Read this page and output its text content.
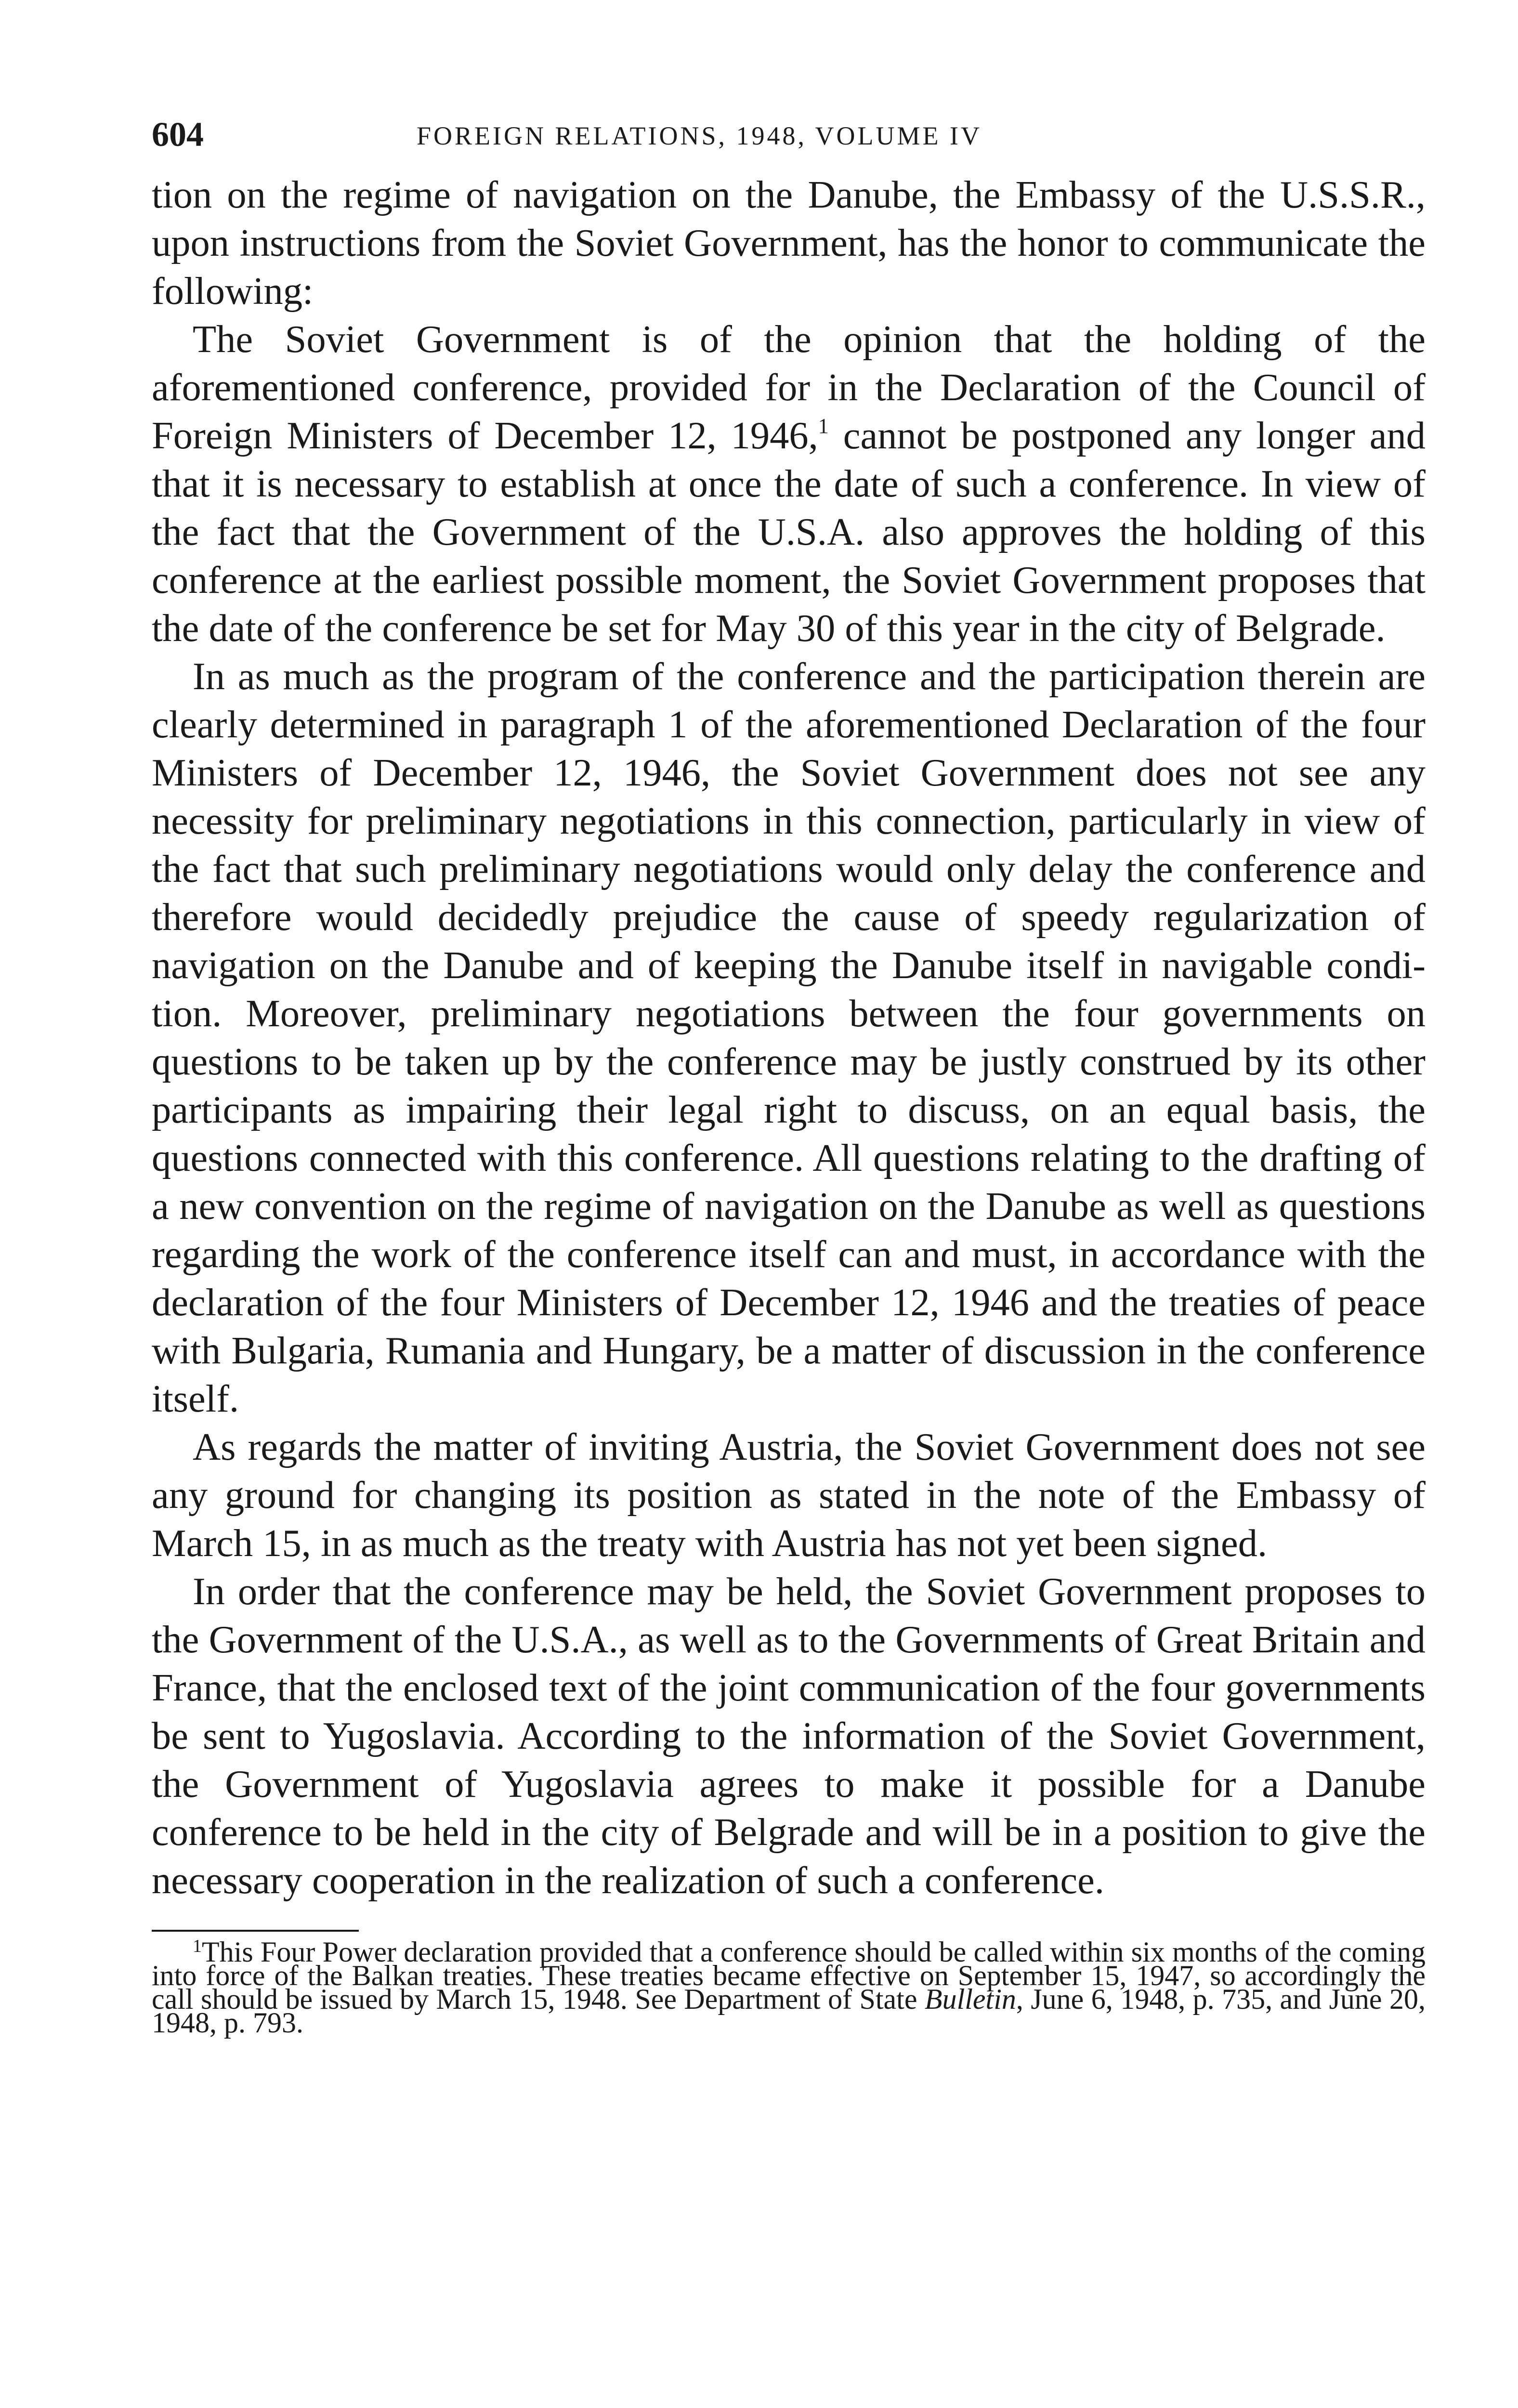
604	FOREIGN RELATIONS, 1948, VOLUME IV

tion on the regime of navigation on the Danube, the Embassy of the U.S.S.R., upon instructions from the Soviet Government, has the honor to communicate the following:

The Soviet Government is of the opinion that the holding of the aforementioned conference, provided for in the Declaration of the Council of Foreign Ministers of December 12, 1946,$^1$ cannot be postponed any longer and that it is necessary to establish at once the date of such a conference. In view of the fact that the Government of the U.S.A. also approves the holding of this conference at the earliest possible moment, the Soviet Government proposes that the date of the conference be set for May 30 of this year in the city of Belgrade.

In as much as the program of the conference and the participation therein are clearly determined in paragraph 1 of the aforementioned Declaration of the four Ministers of December 12, 1946, the Soviet Government does not see any necessity for preliminary negotiations in this connection, particularly in view of the fact that such preliminary negotiations would only delay the conference and therefore would decidedly prejudice the cause of speedy regularization of navigation on the Danube and of keeping the Danube itself in navigable condition. Moreover, preliminary negotiations between the four governments on questions to be taken up by the conference may be justly construed by its other participants as impairing their legal right to discuss, on an equal basis, the questions connected with this conference. All questions relating to the drafting of a new convention on the regime of navigation on the Danube as well as questions regarding the work of the conference itself can and must, in accordance with the declaration of the four Ministers of December 12, 1946 and the treaties of peace with Bulgaria, Rumania and Hungary, be a matter of discussion in the conference itself.

As regards the matter of inviting Austria, the Soviet Government does not see any ground for changing its position as stated in the note of the Embassy of March 15, in as much as the treaty with Austria has not yet been signed.

In order that the conference may be held, the Soviet Government proposes to the Government of the U.S.A., as well as to the Governments of Great Britain and France, that the enclosed text of the joint communication of the four governments be sent to Yugoslavia. According to the information of the Soviet Government, the Government of Yugoslavia agrees to make it possible for a Danube conference to be held in the city of Belgrade and will be in a position to give the necessary cooperation in the realization of such a conference.

$^1$This Four Power declaration provided that a conference should be called within six months of the coming into force of the Balkan treaties. These treaties became effective on September 15, 1947, so accordingly the call should be issued by March 15, 1948. See Department of State Bulletin, June 6, 1948, p. 735, and June 20, 1948, p. 793.
